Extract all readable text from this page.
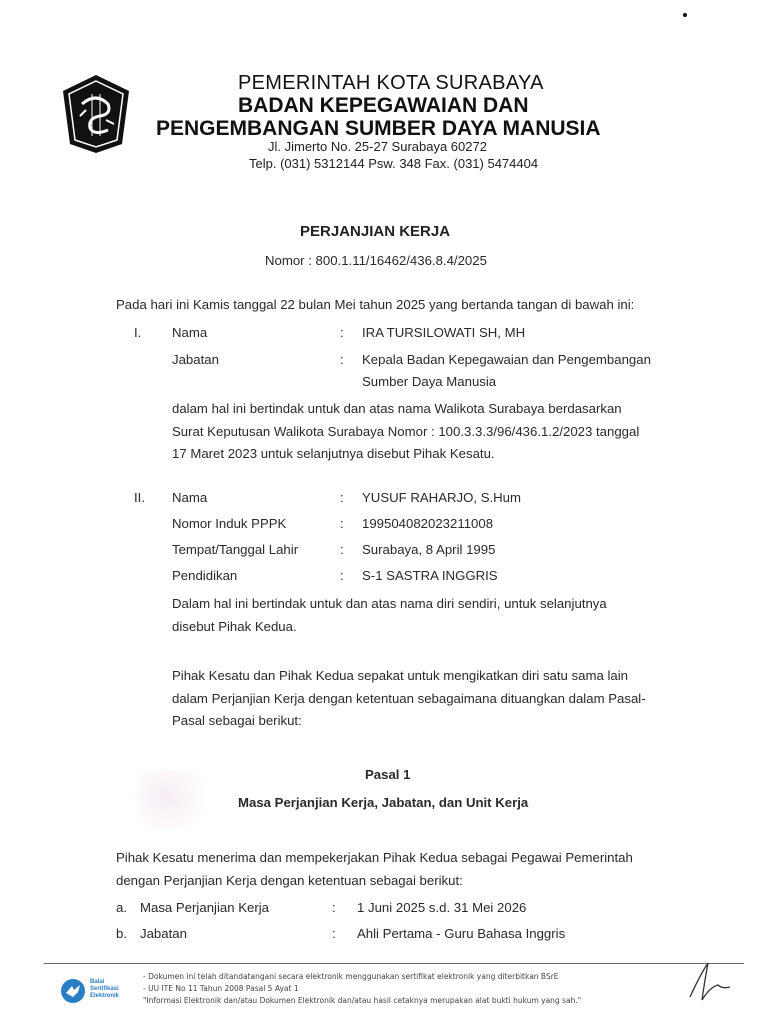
PEMERINTAH KOTA SURABAYA
BADAN KEPEGAWAIAN DAN
PENGEMBANGAN SUMBER DAYA MANUSIA
Jl. Jimerto No. 25-27 Surabaya 60272
Telp. (031) 5312144 Psw. 348 Fax. (031) 5474404
PERJANJIAN KERJA
Nomor : 800.1.11/16462/436.8.4/2025
Pada hari ini Kamis tanggal 22 bulan Mei tahun 2025 yang bertanda tangan di bawah ini:
I. Nama	: IRA TURSILOWATI SH, MH
Jabatan	: Kepala Badan Kepegawaian dan Pengembangan
Sumber Daya Manusia
dalam hal ini bertindak untuk dan atas nama Walikota Surabaya berdasarkan
Surat Keputusan Walikota Surabaya Nomor : 100.3.3.3/96/436.1.2/2023 tanggal
17 Maret 2023 untuk selanjutnya disebut Pihak Kesatu.
II. Nama	: YUSUF RAHARJO, S.Hum
Nomor Induk PPPK	: 199504082023211008
Tempat/Tanggal Lahir	: Surabaya, 8 April 1995
Pendidikan	: S-1 SASTRA INGGRIS
Dalam hal ini bertindak untuk dan atas nama diri sendiri, untuk selanjutnya
disebut Pihak Kedua.
Pihak Kesatu dan Pihak Kedua sepakat untuk mengikatkan diri satu sama lain
dalam Perjanjian Kerja dengan ketentuan sebagaimana dituangkan dalam Pasal-
Pasal sebagai berikut:
Pasal 1
Masa Perjanjian Kerja, Jabatan, dan Unit Kerja
Pihak Kesatu menerima dan mempekerjakan Pihak Kedua sebagai Pegawai Pemerintah
dengan Perjanjian Kerja dengan ketentuan sebagai berikut:
a. Masa Perjanjian Kerja	: 1 Juni 2025 s.d. 31 Mei 2026
b. Jabatan	: Ahli Pertama - Guru Bahasa Inggris
Balai
Sertifikasi
Elektronik
- Dokumen ini telah ditandatangani secara elektronik menggunakan sertifikat elektronik yang diterbitkan BSrE
- UU ITE No 11 Tahun 2008 Pasal 5 Ayat 1
"Informasi Elektronik dan/atau Dokumen Elektronik dan/atau hasil cetaknya merupakan alat bukti hukum yang sah."
